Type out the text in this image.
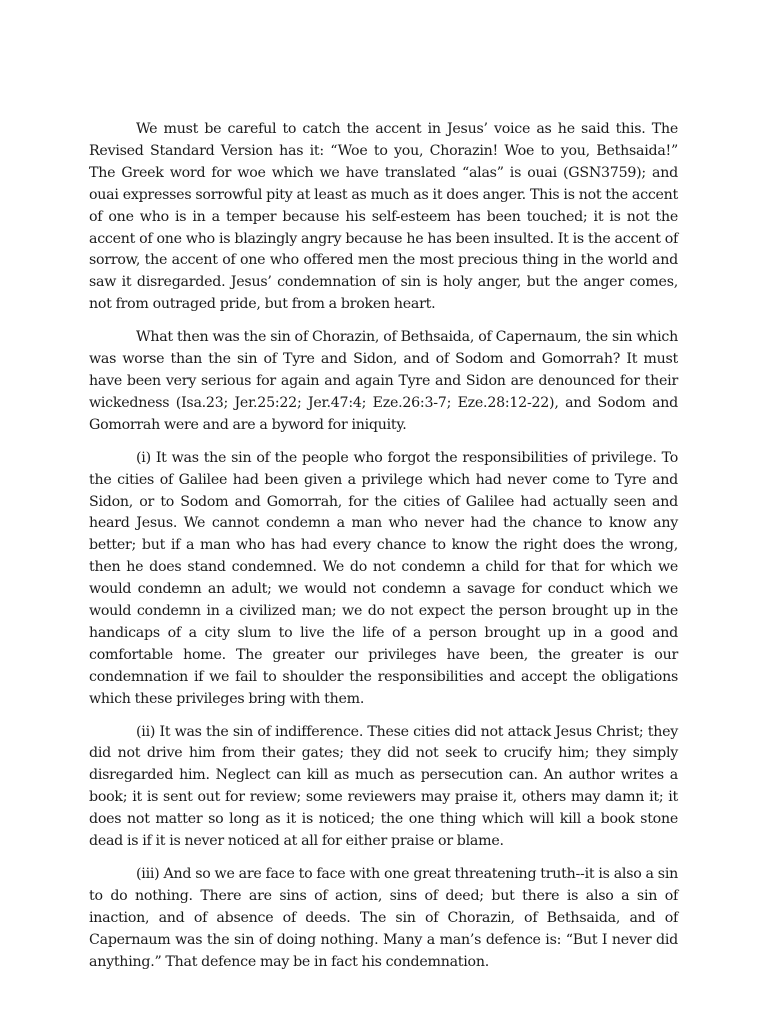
We must be careful to catch the accent in Jesus’ voice as he said this. The Revised Standard Version has it: “Woe to you, Chorazin! Woe to you, Bethsaida!” The Greek word for woe which we have translated “alas” is ouai (GSN3759); and ouai expresses sorrowful pity at least as much as it does anger. This is not the accent of one who is in a temper because his self-esteem has been touched; it is not the accent of one who is blazingly angry because he has been insulted. It is the accent of sorrow, the accent of one who offered men the most precious thing in the world and saw it disregarded. Jesus’ condemnation of sin is holy anger, but the anger comes, not from outraged pride, but from a broken heart.

What then was the sin of Chorazin, of Bethsaida, of Capernaum, the sin which was worse than the sin of Tyre and Sidon, and of Sodom and Gomorrah? It must have been very serious for again and again Tyre and Sidon are denounced for their wickedness (Isa.23; Jer.25:22; Jer.47:4; Eze.26:3-7; Eze.28:12-22), and Sodom and Gomorrah were and are a byword for iniquity.

(i) It was the sin of the people who forgot the responsibilities of privilege. To the cities of Galilee had been given a privilege which had never come to Tyre and Sidon, or to Sodom and Gomorrah, for the cities of Galilee had actually seen and heard Jesus. We cannot condemn a man who never had the chance to know any better; but if a man who has had every chance to know the right does the wrong, then he does stand condemned. We do not condemn a child for that for which we would condemn an adult; we would not condemn a savage for conduct which we would condemn in a civilized man; we do not expect the person brought up in the handicaps of a city slum to live the life of a person brought up in a good and comfortable home. The greater our privileges have been, the greater is our condemnation if we fail to shoulder the responsibilities and accept the obligations which these privileges bring with them.

(ii) It was the sin of indifference. These cities did not attack Jesus Christ; they did not drive him from their gates; they did not seek to crucify him; they simply disregarded him. Neglect can kill as much as persecution can. An author writes a book; it is sent out for review; some reviewers may praise it, others may damn it; it does not matter so long as it is noticed; the one thing which will kill a book stone dead is if it is never noticed at all for either praise or blame.

(iii) And so we are face to face with one great threatening truth--it is also a sin to do nothing. There are sins of action, sins of deed; but there is also a sin of inaction, and of absence of deeds. The sin of Chorazin, of Bethsaida, and of Capernaum was the sin of doing nothing. Many a man’s defence is: “But I never did anything.” That defence may be in fact his condemnation.
